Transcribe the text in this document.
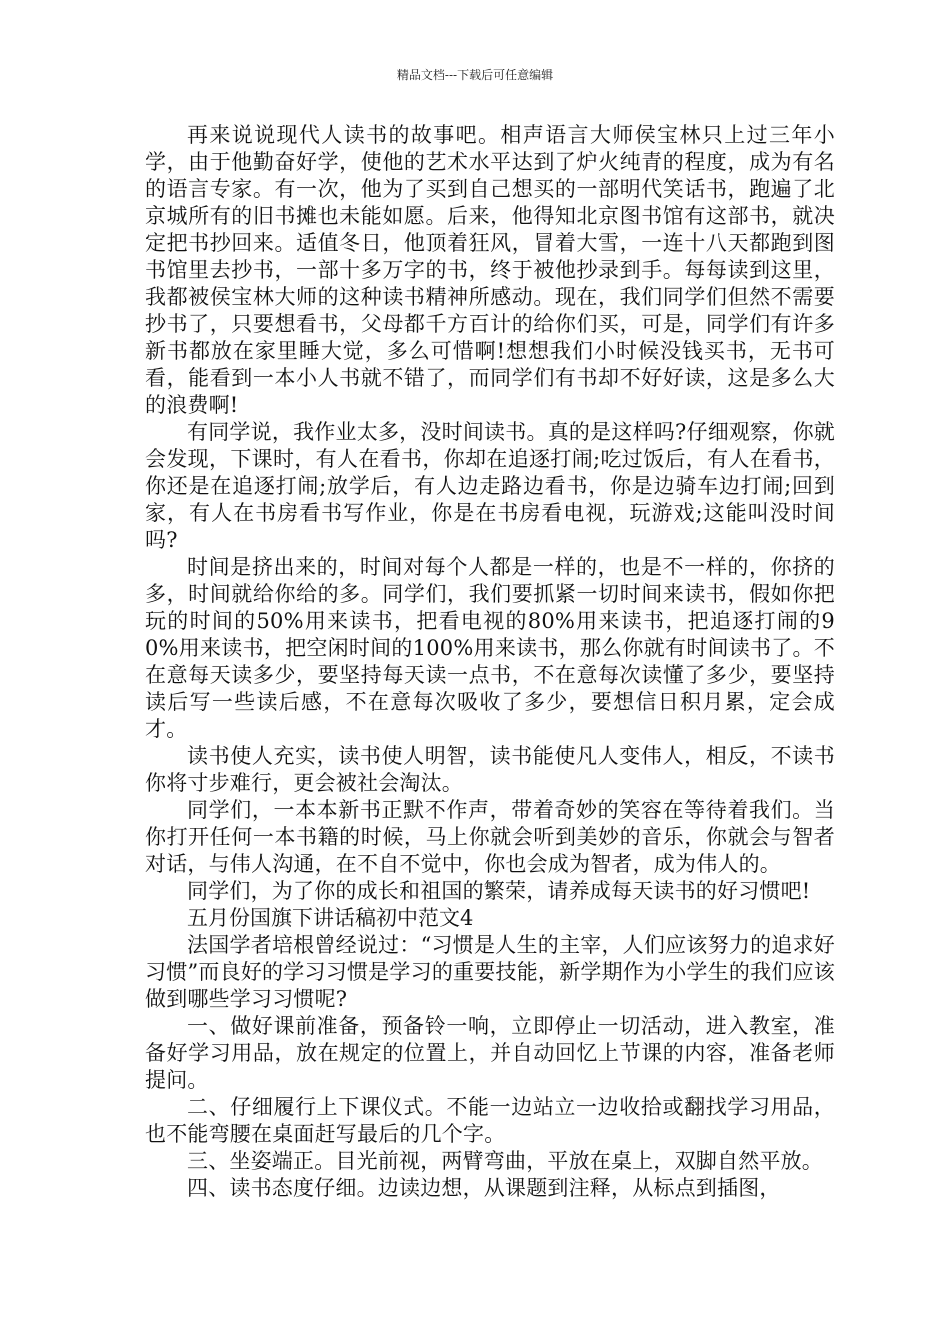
精品文档---下载后可任意编辑

再来说说现代人读书的故事吧。相声语言大师侯宝林只上过三年小学，由于他勤奋好学，使他的艺术水平达到了炉火纯青的程度，成为有名的语言专家。有一次，他为了买到自己想买的一部明代笑话书，跑遍了北京城所有的旧书摊也未能如愿。后来，他得知北京图书馆有这部书，就决定把书抄回来。适值冬日，他顶着狂风，冒着大雪，一连十八天都跑到图书馆里去抄书，一部十多万字的书，终于被他抄录到手。每每读到这里，我都被侯宝林大师的这种读书精神所感动。现在，我们同学们但然不需要抄书了，只要想看书，父母都千方百计的给你们买，可是，同学们有许多新书都放在家里睡大觉，多么可惜啊!想想我们小时候没钱买书，无书可看，能看到一本小人书就不错了，而同学们有书却不好好读，这是多么大的浪费啊!

有同学说，我作业太多，没时间读书。真的是这样吗?仔细观察，你就会发现，下课时，有人在看书，你却在追逐打闹;吃过饭后，有人在看书，你还是在追逐打闹;放学后，有人边走路边看书，你是边骑车边打闹;回到家，有人在书房看书写作业，你是在书房看电视，玩游戏;这能叫没时间吗?

时间是挤出来的，时间对每个人都是一样的，也是不一样的，你挤的多，时间就给你给的多。同学们，我们要抓紧一切时间来读书，假如你把玩的时间的50%用来读书，把看电视的80%用来读书，把追逐打闹的90%用来读书，把空闲时间的100%用来读书，那么你就有时间读书了。不在意每天读多少，要坚持每天读一点书，不在意每次读懂了多少，要坚持读后写一些读后感，不在意每次吸收了多少，要想信日积月累，定会成才。

读书使人充实，读书使人明智，读书能使凡人变伟人，相反，不读书你将寸步难行，更会被社会淘汰。

同学们，一本本新书正默不作声，带着奇妙的笑容在等待着我们。当你打开任何一本书籍的时候，马上你就会听到美妙的音乐，你就会与智者对话，与伟人沟通，在不自不觉中，你也会成为智者，成为伟人的。

同学们，为了你的成长和祖国的繁荣，请养成每天读书的好习惯吧!

五月份国旗下讲话稿初中范文4

法国学者培根曾经说过：“习惯是人生的主宰，人们应该努力的追求好习惯”而良好的学习习惯是学习的重要技能，新学期作为小学生的我们应该做到哪些学习习惯呢?

一、做好课前准备，预备铃一响，立即停止一切活动，进入教室，准备好学习用品，放在规定的位置上，并自动回忆上节课的内容，准备老师提问。

二、仔细履行上下课仪式。不能一边站立一边收拾或翻找学习用品，也不能弯腰在桌面赶写最后的几个字。

三、坐姿端正。目光前视，两臂弯曲，平放在桌上，双脚自然平放。

四、读书态度仔细。边读边想，从课题到注释，从标点到插图，
